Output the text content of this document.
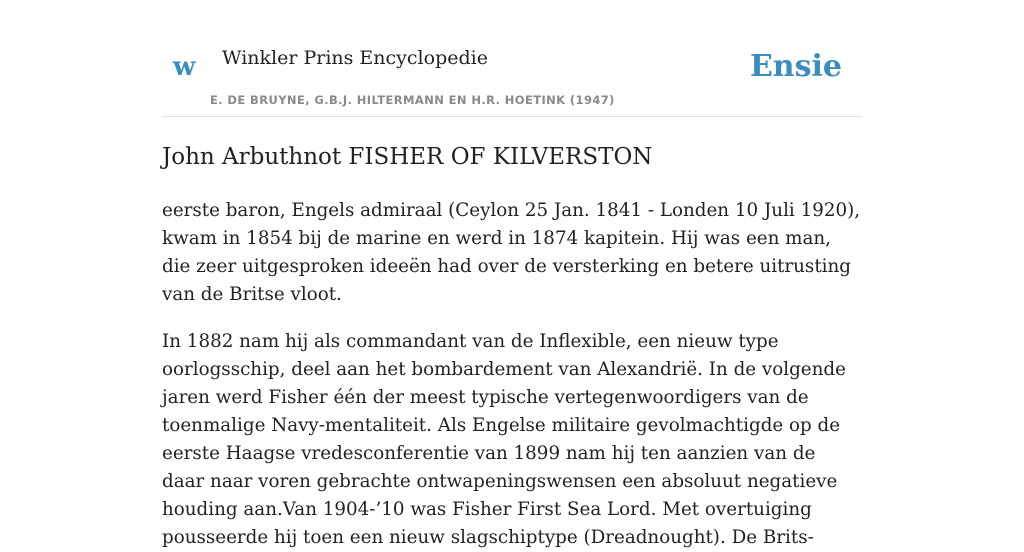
w Winkler Prins Encyclopedie
E. DE BRUYNE, G.B.J. HILTERMANN EN H.R. HOETINK (1947)
Ensie
John Arbuthnot FISHER OF KILVERSTON

eerste baron, Engels admiraal (Ceylon 25 Jan. 1841 - Londen 10 Juli 1920), kwam in 1854 bij de marine en werd in 1874 kapitein. Hij was een man, die zeer uitgesproken ideeën had over de versterking en betere uitrusting van de Britse vloot.

In 1882 nam hij als commandant van de Inflexible, een nieuw type oorlogsschip, deel aan het bombardement van Alexandrië. In de volgende jaren werd Fisher één der meest typische vertegenwoordigers van de toenmalige Navy-mentaliteit. Als Engelse militaire gevolmachtigde op de eerste Haagse vredesconferentie van 1899 nam hij ten aanzien van de daar naar voren gebrachte ontwapeningswensen een absoluut negatieve houding aan.Van 1904-’10 was Fisher First Sea Lord. Met overtuiging pousseerde hij toen een nieuw slagschiptype (Dreadnought). De Brits-
